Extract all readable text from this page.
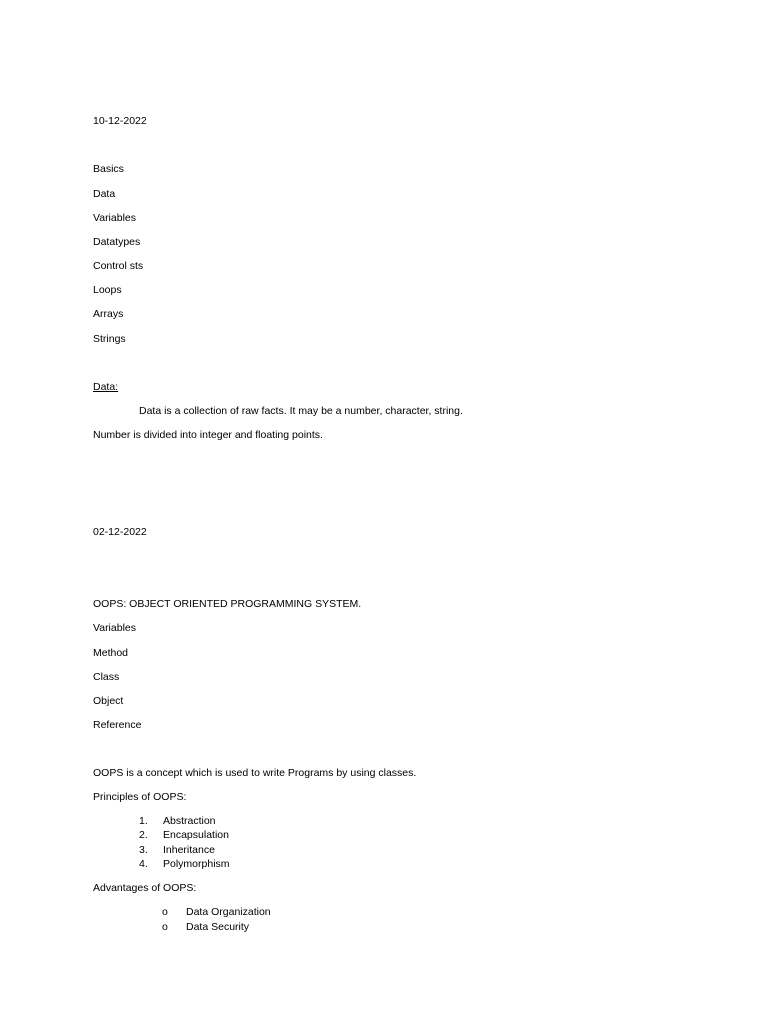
10-12-2022
Basics
Data
Variables
Datatypes
Control sts
Loops
Arrays
Strings
Data:
Data is a collection of raw facts. It may be a number, character, string.
Number is divided into integer and floating points.
02-12-2022
OOPS: OBJECT ORIENTED PROGRAMMING SYSTEM.
Variables
Method
Class
Object
Reference
OOPS is a concept which is used to write Programs by using classes.
Principles of OOPS:
1. Abstraction
2. Encapsulation
3. Inheritance
4. Polymorphism
Advantages of OOPS:
o Data Organization
o Data Security
